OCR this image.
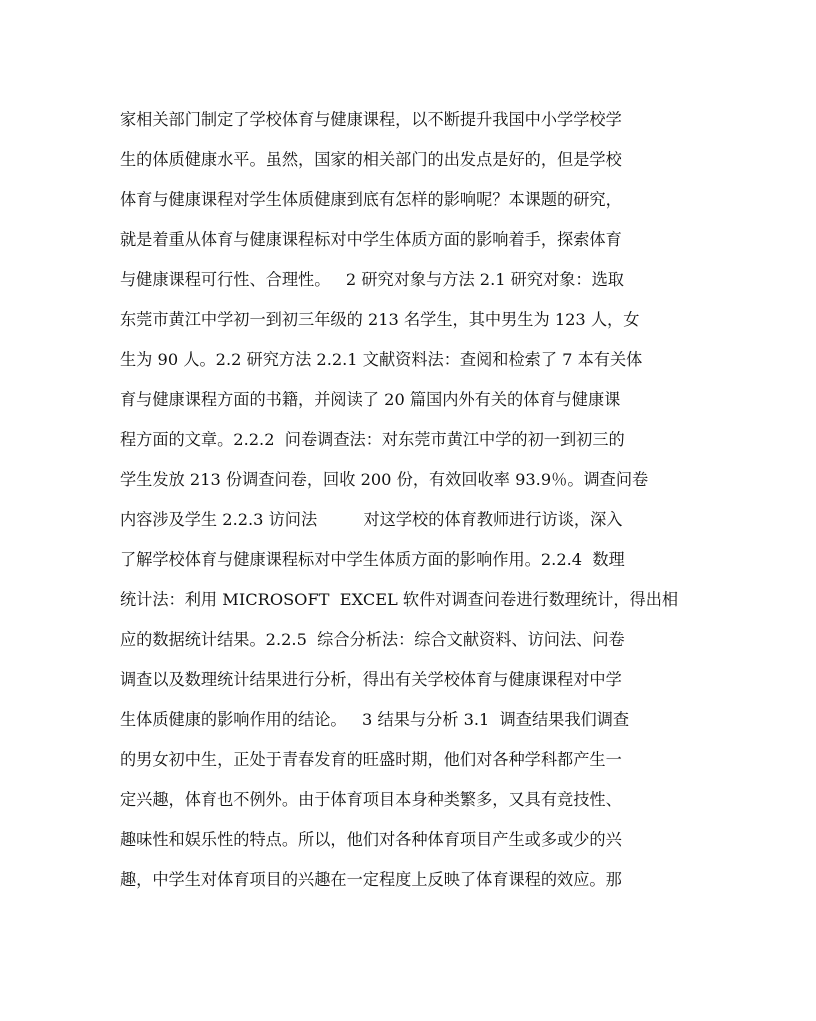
家相关部门制定了学校体育与健康课程，以不断提升我国中小学学校学
生的体质健康水平。虽然，国家的相关部门的出发点是好的，但是学校
体育与健康课程对学生体质健康到底有怎样的影响呢？本课题的研究，
就是着重从体育与健康课程标对中学生体质方面的影响着手，探索体育
与健康课程可行性、合理性。   2 研究对象与方法 2.1 研究对象：选取
东莞市黄江中学初一到初三年级的 213 名学生，其中男生为 123 人，女
生为 90 人。2.2 研究方法 2.2.1 文献资料法：查阅和检索了 7 本有关体
育与健康课程方面的书籍，并阅读了 20 篇国内外有关的体育与健康课
程方面的文章。2.2.2  问卷调查法：对东莞市黄江中学的初一到初三的
学生发放 213 份调查问卷，回收 200 份，有效回收率 93.9％。调查问卷
内容涉及学生 2.2.3 访问法         对这学校的体育教师进行访谈，深入
了解学校体育与健康课程标对中学生体质方面的影响作用。2.2.4  数理
统计法：利用 MICROSOFT  EXCEL 软件对调查问卷进行数理统计，得出相
应的数据统计结果。2.2.5  综合分析法：综合文献资料、访问法、问卷
调查以及数理统计结果进行分析，得出有关学校体育与健康课程对中学
生体质健康的影响作用的结论。   3 结果与分析 3.1  调查结果我们调查
的男女初中生，正处于青春发育的旺盛时期，他们对各种学科都产生一
定兴趣，体育也不例外。由于体育项目本身种类繁多，又具有竞技性、
趣味性和娱乐性的特点。所以，他们对各种体育项目产生或多或少的兴
趣，中学生对体育项目的兴趣在一定程度上反映了体育课程的效应。那
